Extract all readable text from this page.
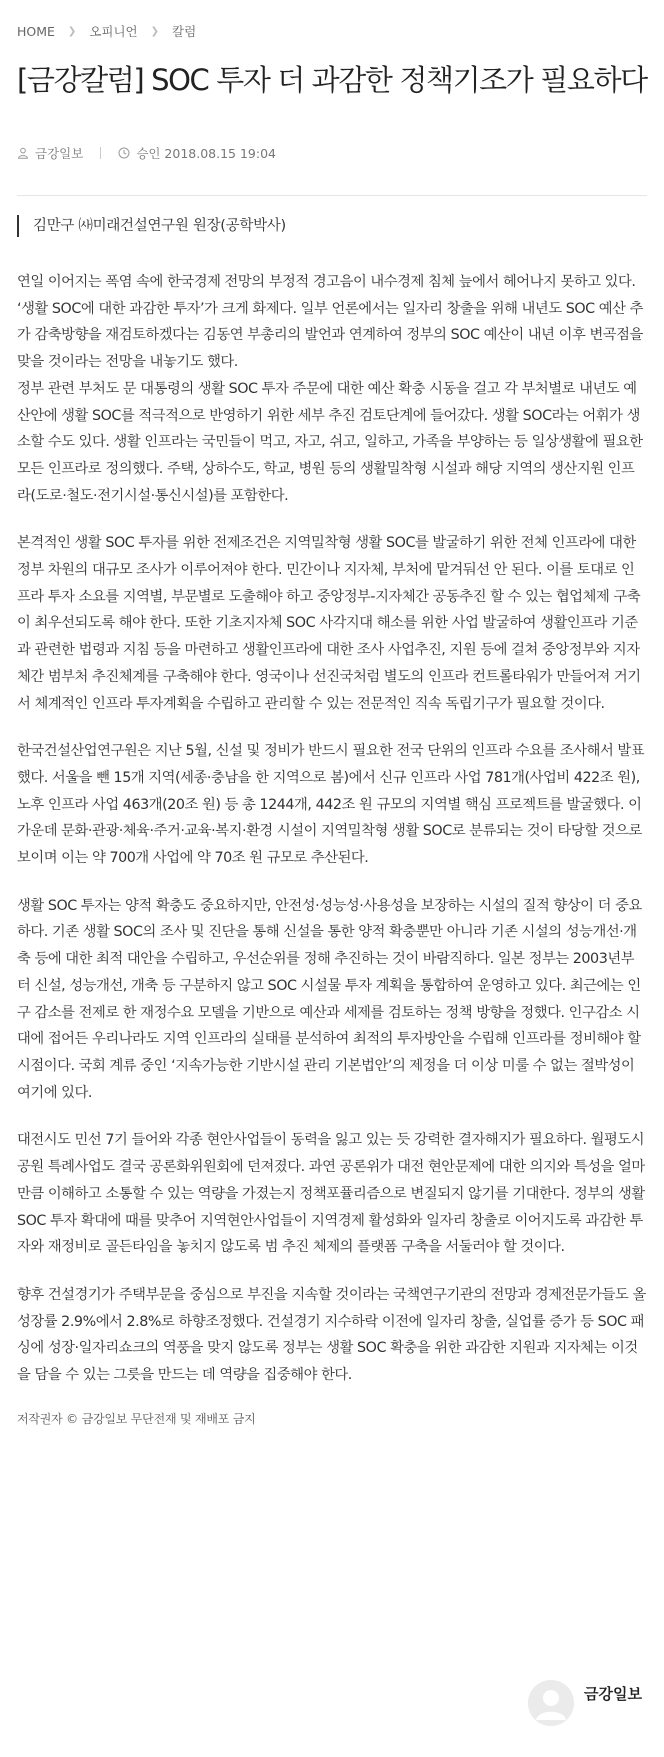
HOME ❯ 오피니언 ❯ 칼럼
[금강칼럼] SOC 투자 더 과감한 정책기조가 필요하다
금강일보	승인 2018.08.15 19:04
김만구 ㈔미래건설연구원 원장(공학박사)

연일 이어지는 폭염 속에 한국경제 전망의 부정적 경고음이 내수경제 침체 늪에서 헤어나지 못하고 있다. ‘생활 SOC에 대한 과감한 투자’가 크게 화제다. 일부 언론에서는 일자리 창출을 위해 내년도 SOC 예산 추가 감축방향을 재검토하겠다는 김동연 부총리의 발언과 연계하여 정부의 SOC 예산이 내년 이후 변곡점을 맞을 것이라는 전망을 내놓기도 했다.

정부 관련 부처도 문 대통령의 생활 SOC 투자 주문에 대한 예산 확충 시동을 걸고 각 부처별로 내년도 예산안에 생활 SOC를 적극적으로 반영하기 위한 세부 추진 검토단계에 들어갔다. 생활 SOC라는 어휘가 생소할 수도 있다. 생활 인프라는 국민들이 먹고, 자고, 쉬고, 일하고, 가족을 부양하는 등 일상생활에 필요한 모든 인프라로 정의했다. 주택, 상하수도, 학교, 병원 등의 생활밀착형 시설과 해당 지역의 생산지원 인프라(도로·철도·전기시설·통신시설)를 포함한다.

본격적인 생활 SOC 투자를 위한 전제조건은 지역밀착형 생활 SOC를 발굴하기 위한 전체 인프라에 대한 정부 차원의 대규모 조사가 이루어져야 한다. 민간이나 지자체, 부처에 맡겨둬선 안 된다. 이를 토대로 인프라 투자 소요를 지역별, 부문별로 도출해야 하고 중앙정부-지자체간 공동추진 할 수 있는 협업체제 구축이 최우선되도록 해야 한다. 또한 기초지자체 SOC 사각지대 해소를 위한 사업 발굴하여 생활인프라 기준과 관련한 법령과 지침 등을 마련하고 생활인프라에 대한 조사 사업추진, 지원 등에 걸쳐 중앙정부와 지자체간 범부처 추진체계를 구축해야 한다. 영국이나 선진국처럼 별도의 인프라 컨트롤타워가 만들어져 거기서 체계적인 인프라 투자계획을 수립하고 관리할 수 있는 전문적인 직속 독립기구가 필요할 것이다.

한국건설산업연구원은 지난 5월, 신설 및 정비가 반드시 필요한 전국 단위의 인프라 수요를 조사해서 발표했다. 서울을 뺀 15개 지역(세종·충남을 한 지역으로 봄)에서 신규 인프라 사업 781개(사업비 422조 원), 노후 인프라 사업 463개(20조 원) 등 총 1244개, 442조 원 규모의 지역별 핵심 프로젝트를 발굴했다. 이 가운데 문화·관광·체육·주거·교육·복지·환경 시설이 지역밀착형 생활 SOC로 분류되는 것이 타당할 것으로 보이며 이는 약 700개 사업에 약 70조 원 규모로 추산된다.

생활 SOC 투자는 양적 확충도 중요하지만, 안전성·성능성·사용성을 보장하는 시설의 질적 향상이 더 중요하다. 기존 생활 SOC의 조사 및 진단을 통해 신설을 통한 양적 확충뿐만 아니라 기존 시설의 성능개선·개축 등에 대한 최적 대안을 수립하고, 우선순위를 정해 추진하는 것이 바람직하다. 일본 정부는 2003년부터 신설, 성능개선, 개축 등 구분하지 않고 SOC 시설물 투자 계획을 통합하여 운영하고 있다. 최근에는 인구 감소를 전제로 한 재정수요 모델을 기반으로 예산과 세제를 검토하는 정책 방향을 정했다. 인구감소 시대에 접어든 우리나라도 지역 인프라의 실태를 분석하여 최적의 투자방안을 수립해 인프라를 정비해야 할 시점이다. 국회 계류 중인 ‘지속가능한 기반시설 관리 기본법안’의 제정을 더 이상 미룰 수 없는 절박성이 여기에 있다.

대전시도 민선 7기 들어와 각종 현안사업들이 동력을 잃고 있는 듯 강력한 결자해지가 필요하다. 월평도시공원 특례사업도 결국 공론화위원회에 던져졌다. 과연 공론위가 대전 현안문제에 대한 의지와 특성을 얼마만큼 이해하고 소통할 수 있는 역량을 가졌는지 정책포퓰리즘으로 변질되지 않기를 기대한다. 정부의 생활 SOC 투자 확대에 때를 맞추어 지역현안사업들이 지역경제 활성화와 일자리 창출로 이어지도록 과감한 투자와 재정비로 골든타임을 놓치지 않도록 범 추진 체제의 플랫폼 구축을 서둘러야 할 것이다.

향후 건설경기가 주택부문을 중심으로 부진을 지속할 것이라는 국책연구기관의 전망과 경제전문가들도 올 성장률 2.9%에서 2.8%로 하향조정했다. 건설경기 지수하락 이전에 일자리 창출, 실업률 증가 등 SOC 패싱에 성장·일자리쇼크의 역풍을 맞지 않도록 정부는 생활 SOC 확충을 위한 과감한 지원과 지자체는 이것을 담을 수 있는 그릇을 만드는 데 역량을 집중해야 한다.

저작권자 © 금강일보 무단전재 및 재배포 금지
금강일보
